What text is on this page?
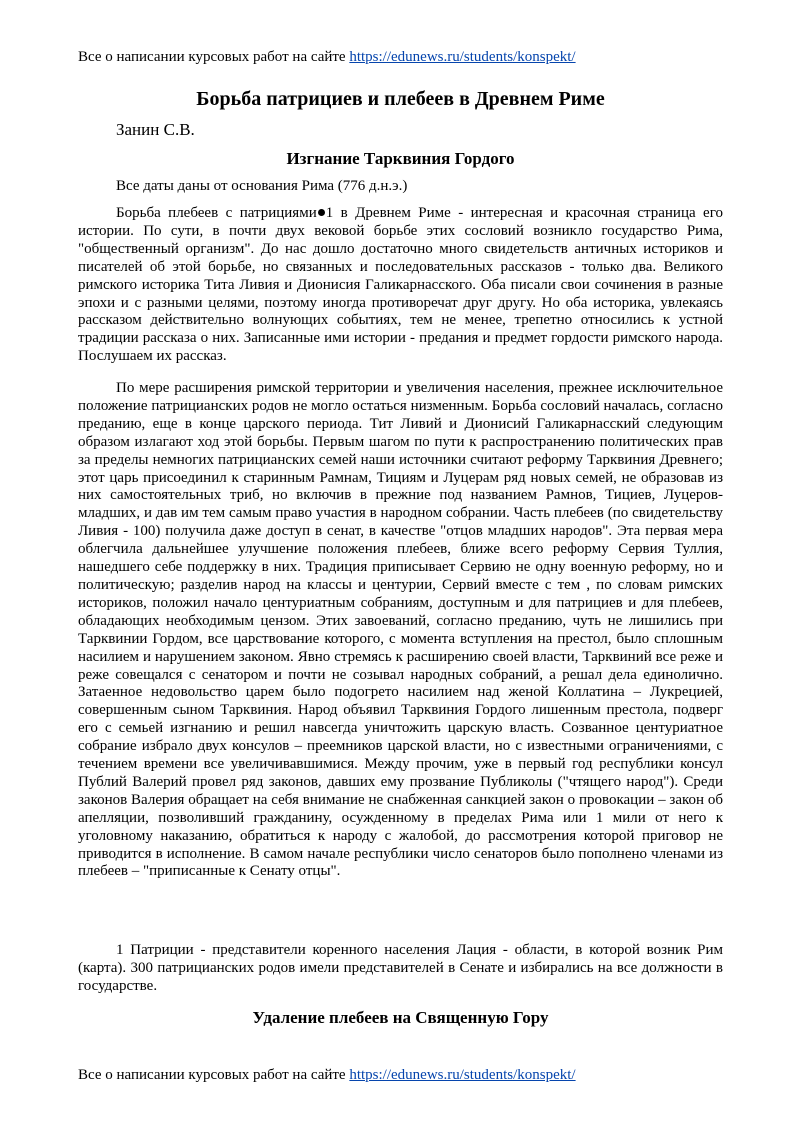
Все о написании курсовых работ на сайте https://edunews.ru/students/konspekt/
Борьба патрициев и плебеев в Древнем Риме
Занин С.В.
Изгнание Тарквиния Гордого

Все даты даны от основания Рима (776 д.н.э.)

Борьба плебеев с патрициями 1 в Древнем Риме - интересная и красочная страница его истории. По сути, в почти двух вековой борьбе этих сословий возникло государство Рима, "общественный организм". До нас дошло достаточно много свидетельств античных историков и писателей об этой борьбе, но связанных и последовательных рассказов - только два. Великого римского историка Тита Ливия и Дионисия Галикарнасского. Оба писали свои сочинения в разные эпохи и с разными целями, поэтому иногда противоречат друг другу. Но оба историка, увлекаясь рассказом действительно волнующих событиях, тем не менее, трепетно относились к устной традиции рассказа о них. Записанные ими истории - предания и предмет гордости римского народа. Послушаем их рассказ.

По мере расширения римской территории и увеличения населения, прежнее исключительное положение патрицианских родов не могло остаться низменным. Борьба сословий началась, согласно преданию, еще в конце царского периода. Тит Ливий и Дионисий Галикарнасский следующим образом излагают ход этой борьбы. Первым шагом по пути к распространению политических прав за пределы немногих патрицианских семей наши источники считают реформу Тарквиния Древнего; этот царь присоединил к старинным Рамнам, Тициям и Луцерам ряд новых семей, не образовав из них самостоятельных триб, но включив в прежние под названием Рамнов, Тициев, Луцеров-младших, и дав им тем самым право участия в народном собрании. Часть плебеев (по свидетельству Ливия - 100) получила даже доступ в сенат, в качестве "отцов младших народов". Эта первая мера облегчила дальнейшее улучшение положения плебеев, ближе всего реформу Сервия Туллия, нашедшего себе поддержку в них. Традиция приписывает Сервию не одну военную реформу, но и политическую; разделив народ на классы и центурии, Сервий вместе с тем , по словам римских историков, положил начало центуриатным собраниям, доступным и для патрициев и для плебеев, обладающих необходимым цензом. Этих завоеваний, согласно преданию, чуть не лишились при Тарквинии Гордом, все царствование которого, с момента вступления на престол, было сплошным насилием и нарушением законом. Явно стремясь к расширению своей власти, Тарквиний все реже и реже совещался с сенатором и почти не созывал народных собраний, а решал дела единолично. Затаенное недовольство царем было подогрето насилием над женой Коллатина – Лукрецией, совершенным сыном Тарквиния. Народ объявил Тарквиния Гордого лишенным престола, подверг его с семьей изгнанию и решил навсегда уничтожить царскую власть. Созванное центуриатное собрание избрало двух консулов – преемников царской власти, но с известными ограничениями, с течением времени все увеличивавшимися. Между прочим, уже в первый год республики консул Публий Валерий провел ряд законов, давших ему прозвание Публиколы ("чтящего народ"). Среди законов Валерия обращает на себя внимание не снабженная санкцией закон о провокации – закон об апелляции, позволивший гражданину, осужденному в пределах Рима или 1 мили от него к уголовному наказанию, обратиться к народу с жалобой, до рассмотрения которой приговор не приводится в исполнение. В самом начале республики число сенаторов было пополнено членами из плебеев – "приписанные к Сенату отцы".

1 Патриции - представители коренного населения Лация - области, в которой возник Рим (карта). 300 патрицианских родов имели представителей в Сенате и избирались на все должности в государстве.

Удаление плебеев на Священную Гору
Все о написании курсовых работ на сайте https://edunews.ru/students/konspekt/
